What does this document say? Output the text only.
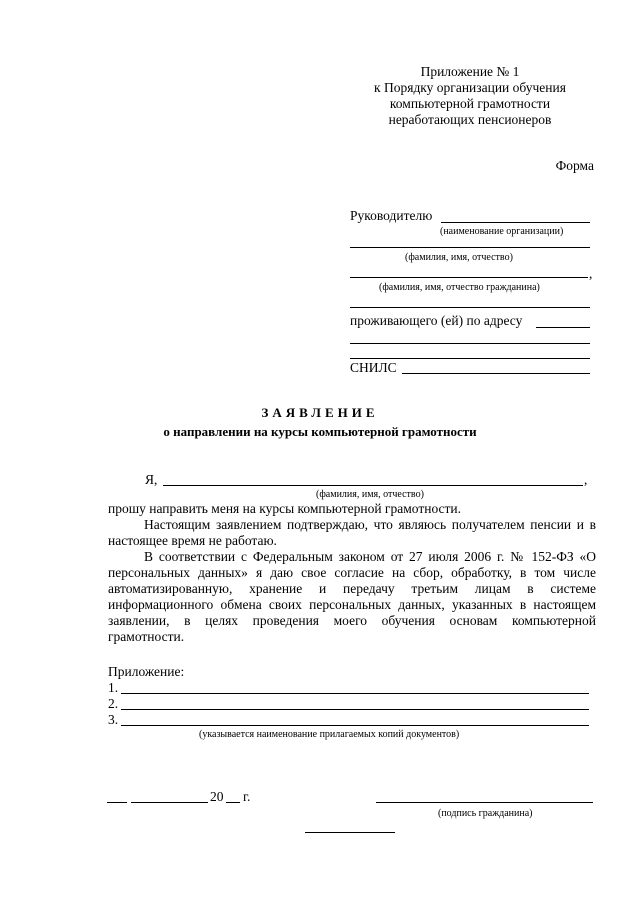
Приложение № 1
к Порядку организации обучения
компьютерной грамотности
неработающих пенсионеров
Форма
Руководителю
(наименование организации)
(фамилия, имя, отчество)
,
(фамилия, имя, отчество гражданина)
проживающего (ей) по адресу
СНИЛС
ЗАЯВЛЕНИЕ
о направлении на курсы компьютерной грамотности
Я,	,
(фамилия, имя, отчество)
прошу направить меня на курсы компьютерной грамотности.
Настоящим заявлением подтверждаю, что являюсь получателем пенсии и в настоящее время не работаю.
В соответствии с Федеральным законом от 27 июля 2006 г. № 152-ФЗ «О персональных данных» я даю свое согласие на сбор, обработку, в том числе автоматизированную, хранение и передачу третьим лицам в системе информационного обмена своих персональных данных, указанных в настоящем заявлении, в целях проведения моего обучения основам компьютерной грамотности.
Приложение:
1.
2.
3.
(указывается наименование прилагаемых копий документов)
20 г.
(подпись гражданина)
